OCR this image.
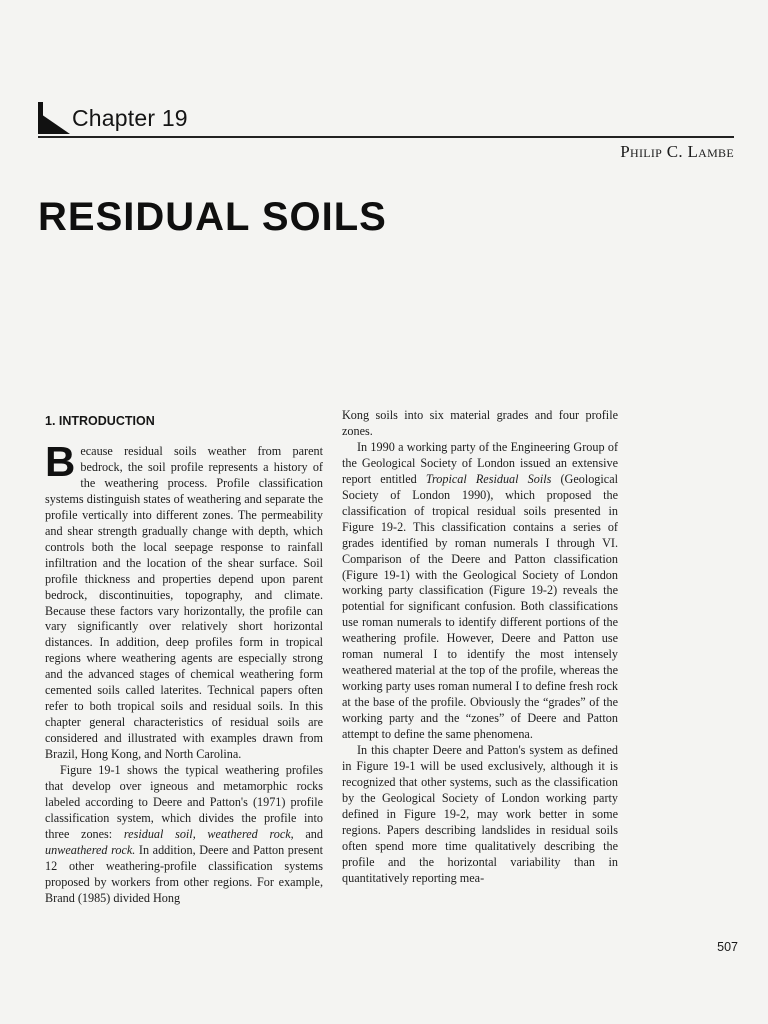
Chapter 19
Philip C. Lambe
RESIDUAL SOILS
1. INTRODUCTION

Because residual soils weather from parent bedrock, the soil profile represents a history of the weathering process. Profile classification systems distinguish states of weathering and separate the profile vertically into different zones. The permeability and shear strength gradually change with depth, which controls both the local seepage response to rainfall infiltration and the location of the shear surface. Soil profile thickness and properties depend upon parent bedrock, discontinuities, topography, and climate. Because these factors vary horizontally, the profile can vary significantly over relatively short horizontal distances. In addition, deep profiles form in tropical regions where weathering agents are especially strong and the advanced stages of chemical weathering form cemented soils called laterites. Technical papers often refer to both tropical soils and residual soils. In this chapter general characteristics of residual soils are considered and illustrated with examples drawn from Brazil, Hong Kong, and North Carolina.

Figure 19-1 shows the typical weathering profiles that develop over igneous and metamorphic rocks labeled according to Deere and Patton's (1971) profile classification system, which divides the profile into three zones: residual soil, weathered rock, and unweathered rock. In addition, Deere and Patton present 12 other weathering-profile classification systems proposed by workers from other regions. For example, Brand (1985) divided Hong

Kong soils into six material grades and four profile zones.

In 1990 a working party of the Engineering Group of the Geological Society of London issued an extensive report entitled Tropical Residual Soils (Geological Society of London 1990), which proposed the classification of tropical residual soils presented in Figure 19-2. This classification contains a series of grades identified by roman numerals I through VI. Comparison of the Deere and Patton classification (Figure 19-1) with the Geological Society of London working party classification (Figure 19-2) reveals the potential for significant confusion. Both classifications use roman numerals to identify different portions of the weathering profile. However, Deere and Patton use roman numeral I to identify the most intensely weathered material at the top of the profile, whereas the working party uses roman numeral I to define fresh rock at the base of the profile. Obviously the “grades” of the working party and the “zones” of Deere and Patton attempt to define the same phenomena.

In this chapter Deere and Patton's system as defined in Figure 19-1 will be used exclusively, although it is recognized that other systems, such as the classification by the Geological Society of London working party defined in Figure 19-2, may work better in some regions. Papers describing landslides in residual soils often spend more time qualitatively describing the profile and the horizontal variability than in quantitatively reporting mea-

507
